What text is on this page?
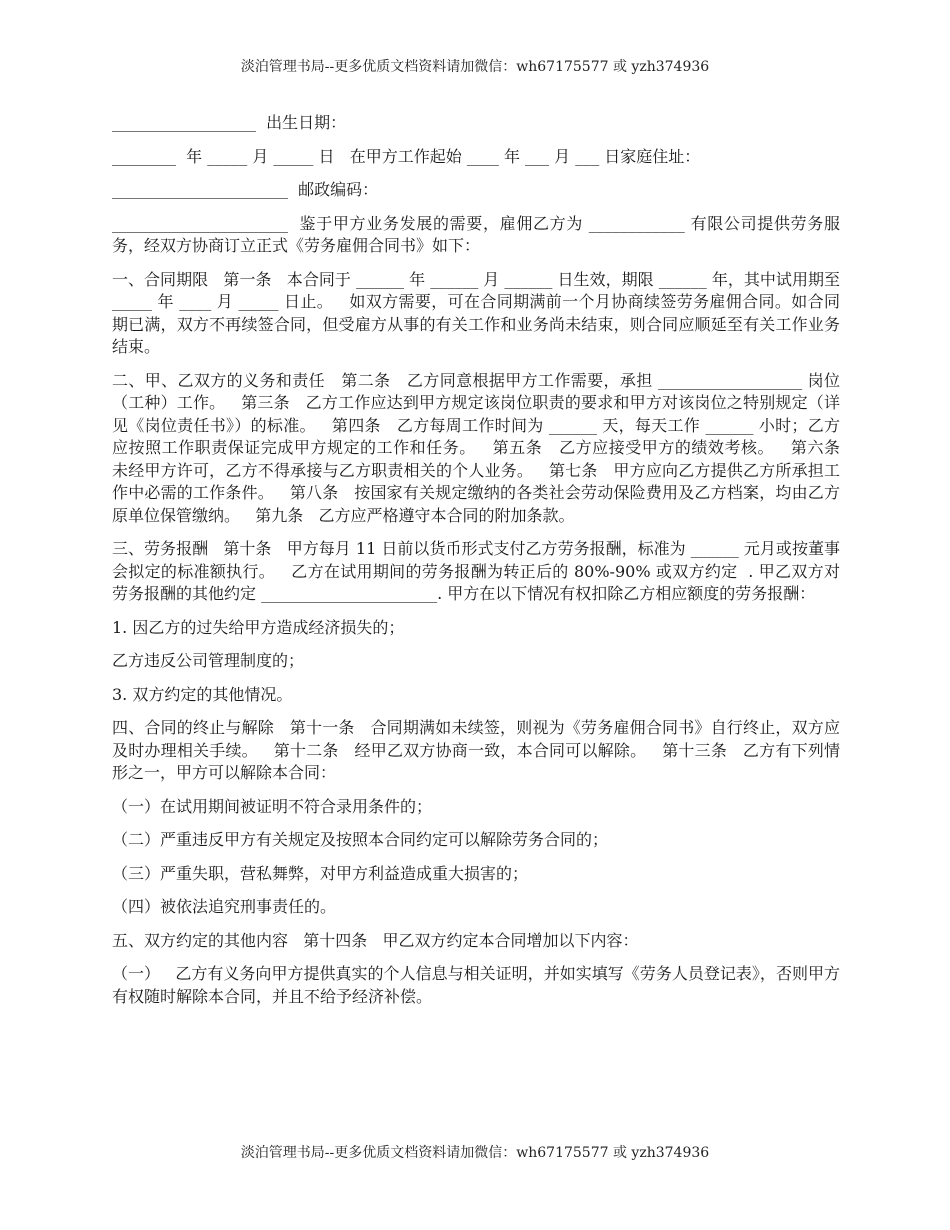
淡泊管理书局--更多优质文档资料请加微信：wh67175577 或 yzh374936

__________________  出生日期：

________  年 _____ 月 _____ 日   在甲方工作起始 ____ 年 ___ 月 ___ 日家庭住址：

______________________  邮政编码：

______________________  鉴于甲方业务发展的需要，雇佣乙方为 ____________ 有限公司提供劳务服务，经双方协商订立正式《劳务雇佣合同书》如下：

一、合同期限   第一条   本合同于 ______ 年 ______ 月 ______ 日生效，期限 ______ 年，其中试用期至 _____ 年 ____ 月 _____ 日止。   如双方需要，可在合同期满前一个月协商续签劳务雇佣合同。如合同期已满，双方不再续签合同，但受雇方从事的有关工作和业务尚未结束，则合同应顺延至有关工作业务结束。

二、甲、乙双方的义务和责任   第二条   乙方同意根据甲方工作需要，承担 __________________ 岗位（工种）工作。   第三条   乙方工作应达到甲方规定该岗位职责的要求和甲方对该岗位之特别规定（详见《岗位责任书》）的标准。   第四条   乙方每周工作时间为 ______ 天，每天工作 ______ 小时；乙方应按照工作职责保证完成甲方规定的工作和任务。   第五条   乙方应接受甲方的绩效考核。   第六条   未经甲方许可，乙方不得承接与乙方职责相关的个人业务。   第七条   甲方应向乙方提供乙方所承担工作中必需的工作条件。   第八条   按国家有关规定缴纳的各类社会劳动保险费用及乙方档案，均由乙方原单位保管缴纳。   第九条   乙方应严格遵守本合同的附加条款。

三、劳务报酬   第十条   甲方每月 11 日前以货币形式支付乙方劳务报酬，标准为 ______ 元月或按董事会拟定的标准额执行。   乙方在试用期间的劳务报酬为转正后的 80%-90% 或双方约定  . 甲乙双方对劳务报酬的其他约定 ______________________. 甲方在以下情况有权扣除乙方相应额度的劳务报酬：

1. 因乙方的过失给甲方造成经济损失的；

乙方违反公司管理制度的；

3. 双方约定的其他情况。

四、合同的终止与解除   第十一条   合同期满如未续签，则视为《劳务雇佣合同书》自行终止，双方应及时办理相关手续。   第十二条   经甲乙双方协商一致，本合同可以解除。   第十三条   乙方有下列情形之一，甲方可以解除本合同：

（一）在试用期间被证明不符合录用条件的；

（二）严重违反甲方有关规定及按照本合同约定可以解除劳务合同的；

（三）严重失职，营私舞弊，对甲方利益造成重大损害的；

（四）被依法追究刑事责任的。

五、双方约定的其他内容   第十四条   甲乙双方约定本合同增加以下内容：

（一）   乙方有义务向甲方提供真实的个人信息与相关证明，并如实填写《劳务人员登记表》，否则甲方有权随时解除本合同，并且不给予经济补偿。

淡泊管理书局--更多优质文档资料请加微信：wh67175577 或 yzh374936
